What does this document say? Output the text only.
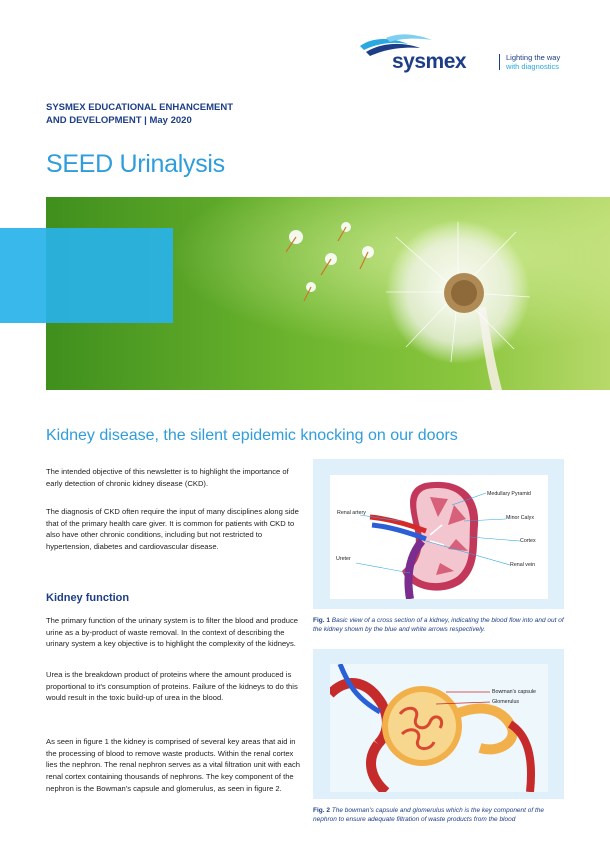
sysmex	Lighting the way
with diagnostics
SYSMEX EDUCATIONAL ENHANCEMENT
AND DEVELOPMENT | May 2020
SEED Urinalysis
Kidney disease, the silent epidemic knocking on our doors

The intended objective of this newsletter is to highlight the importance of early detection of chronic kidney disease (CKD).

The diagnosis of CKD often require the input of many disciplines along side that of the primary health care giver. It is common for patients with CKD to also have other chronic conditions, including but not restricted to hypertension, diabetes and cardiovascular disease.

Kidney function

The primary function of the urinary system is to filter the blood and produce urine as a by-product of waste removal. In the context of describing the urinary system a key objective is to highlight the complexity of the kidneys.

Urea is the breakdown product of proteins where the amount produced is proportional to it's consumption of proteins. Failure of the kidneys to do this would result in the toxic build-up of urea in the blood.

As seen in figure 1 the kidney is comprised of several key areas that aid in the processing of blood to remove waste products. Within the renal cortex lies the nephron. The renal nephron serves as a vital filtration unit with each renal cortex containing thousands of nephrons. The key component of the nephron is the Bowman's capsule and glomerulus, as seen in figure 2.

Renal artery
Ureter
Medullary Pyramid
Minor Calyx
Cortex
Renal vein

Fig. 1 Basic view of a cross section of a kidney, indicating the blood flow into and out of the kidney shown by the blue and white arrows respectively.

Bowman's capsule
Glomerulus

Fig. 2 The bowman's capsule and glomerulus which is the key component of the nephron to ensure adequate filtration of waste products from the blood
